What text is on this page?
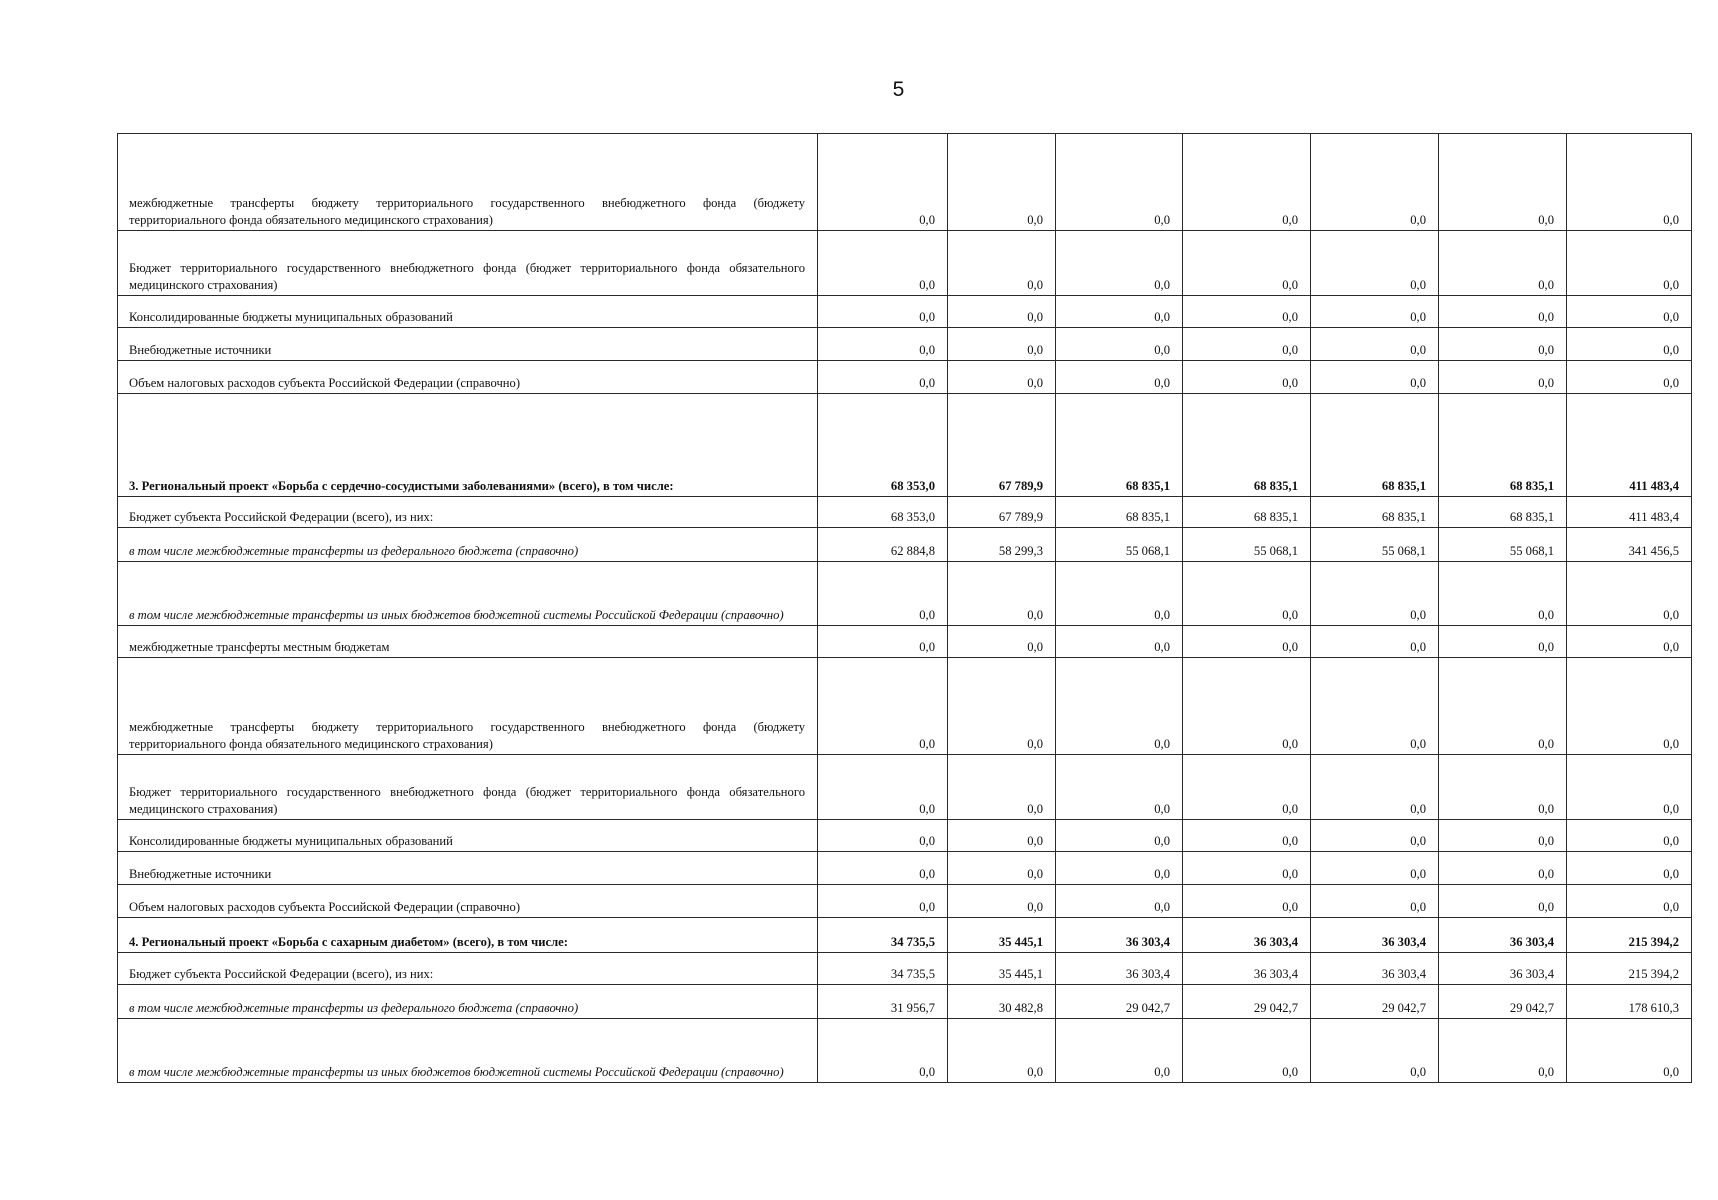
5
межбюджетные трансферты бюджету территориального государственного внебюджетного фонда (бюджету территориального фонда обязательного медицинского страхования)	0,0	0,0	0,0	0,0	0,0	0,0	0,0
Бюджет территориального государственного внебюджетного фонда (бюджет территориального фонда обязательного медицинского страхования)	0,0	0,0	0,0	0,0	0,0	0,0	0,0
Консолидированные бюджеты муниципальных образований	0,0	0,0	0,0	0,0	0,0	0,0	0,0
Внебюджетные источники	0,0	0,0	0,0	0,0	0,0	0,0	0,0
Объем налоговых расходов субъекта Российской Федерации (справочно)	0,0	0,0	0,0	0,0	0,0	0,0	0,0
3. Региональный проект «Борьба с сердечно-сосудистыми заболеваниями» (всего), в том числе:	68 353,0	67 789,9	68 835,1	68 835,1	68 835,1	68 835,1	411 483,4
Бюджет субъекта Российской Федерации (всего), из них:	68 353,0	67 789,9	68 835,1	68 835,1	68 835,1	68 835,1	411 483,4
в том числе межбюджетные трансферты из федерального бюджета (справочно)	62 884,8	58 299,3	55 068,1	55 068,1	55 068,1	55 068,1	341 456,5
в том числе межбюджетные трансферты из иных бюджетов бюджетной системы Российской Федерации (справочно)	0,0	0,0	0,0	0,0	0,0	0,0	0,0
межбюджетные трансферты местным бюджетам	0,0	0,0	0,0	0,0	0,0	0,0	0,0
межбюджетные трансферты бюджету территориального государственного внебюджетного фонда (бюджету территориального фонда обязательного медицинского страхования)	0,0	0,0	0,0	0,0	0,0	0,0	0,0
Бюджет территориального государственного внебюджетного фонда (бюджет территориального фонда обязательного медицинского страхования)	0,0	0,0	0,0	0,0	0,0	0,0	0,0
Консолидированные бюджеты муниципальных образований	0,0	0,0	0,0	0,0	0,0	0,0	0,0
Внебюджетные источники	0,0	0,0	0,0	0,0	0,0	0,0	0,0
Объем налоговых расходов субъекта Российской Федерации (справочно)	0,0	0,0	0,0	0,0	0,0	0,0	0,0
4. Региональный проект «Борьба с сахарным диабетом» (всего), в том числе:	34 735,5	35 445,1	36 303,4	36 303,4	36 303,4	36 303,4	215 394,2
Бюджет субъекта Российской Федерации (всего), из них:	34 735,5	35 445,1	36 303,4	36 303,4	36 303,4	36 303,4	215 394,2
в том числе межбюджетные трансферты из федерального бюджета (справочно)	31 956,7	30 482,8	29 042,7	29 042,7	29 042,7	29 042,7	178 610,3
в том числе межбюджетные трансферты из иных бюджетов бюджетной системы Российской Федерации (справочно)	0,0	0,0	0,0	0,0	0,0	0,0	0,0
